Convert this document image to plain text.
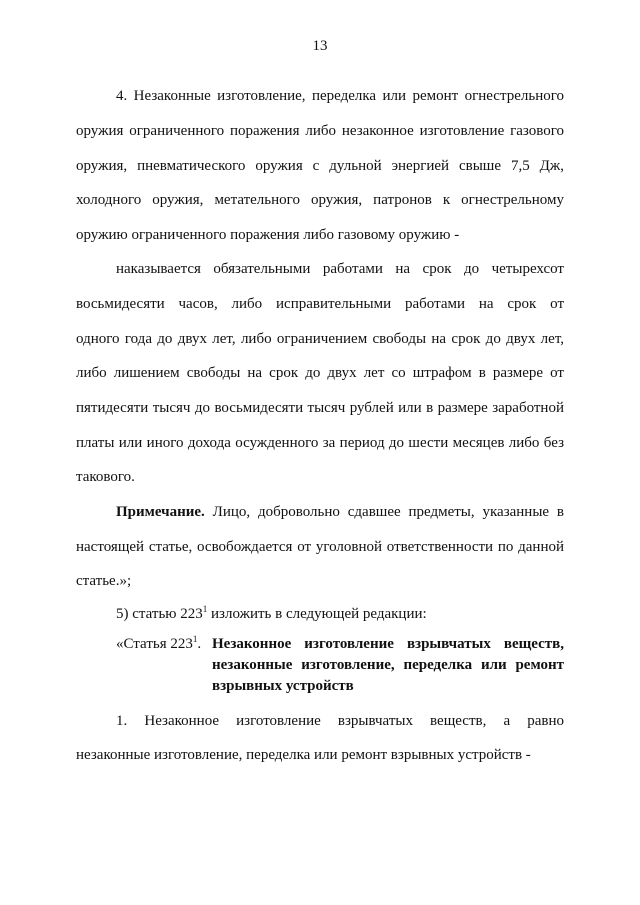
13
4. Незаконные изготовление, переделка или ремонт огнестрельного
оружия ограниченного поражения либо незаконное изготовление газового
оружия, пневматического оружия с дульной энергией свыше 7,5 Дж,
холодного оружия, метательного оружия, патронов к огнестрельному
оружию ограниченного поражения либо газовому оружию -
наказывается обязательными работами на срок до четырехсот
восьмидесяти часов, либо исправительными работами на срок от
одного года до двух лет, либо ограничением свободы на срок до двух лет,
либо лишением свободы на срок до двух лет со штрафом в размере от
пятидесяти тысяч до восьмидесяти тысяч рублей или в размере заработной
платы или иного дохода осужденного за период до шести месяцев либо без
такового.
Примечание. Лицо, добровольно сдавшее предметы, указанные в
настоящей статье, освобождается от уголовной ответственности по данной
статье.»;
5) статью $223^1$ изложить в следующей редакции:
«Статья $223^1$. Незаконное изготовление взрывчатых веществ,
незаконные изготовление, переделка или ремонт
взрывных устройств
1. Незаконное изготовление взрывчатых веществ, а равно
незаконные изготовление, переделка или ремонт взрывных устройств -
